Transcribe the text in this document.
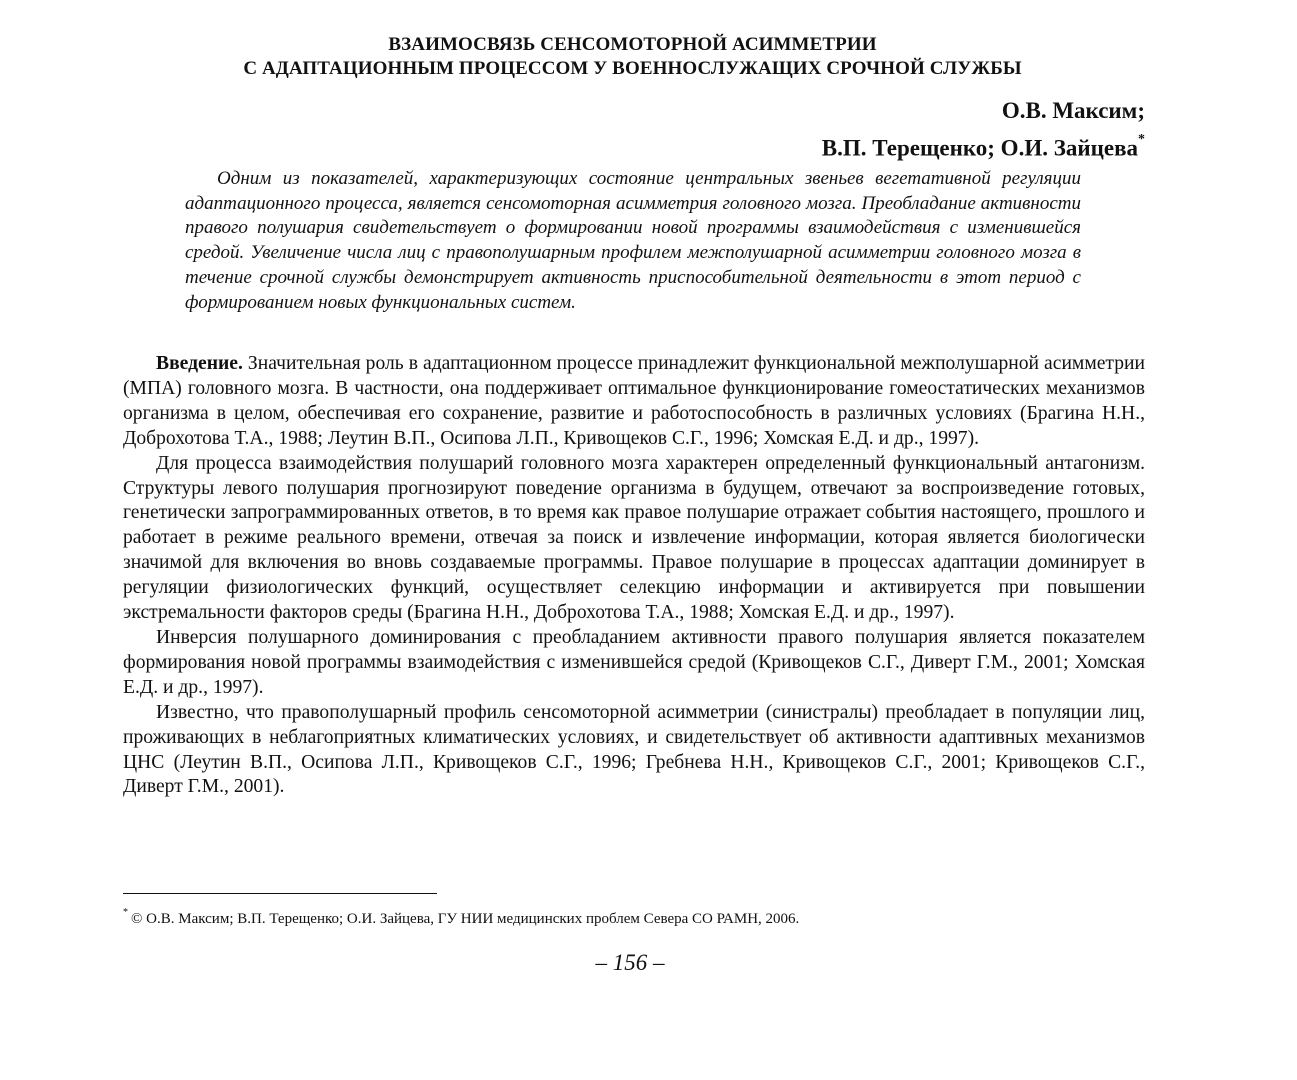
ВЗАИМОСВЯЗЬ СЕНСОМОТОРНОЙ АСИММЕТРИИ
С АДАПТАЦИОННЫМ ПРОЦЕССОМ У ВОЕННОСЛУЖАЩИХ СРОЧНОЙ СЛУЖБЫ
О.В. Максим;
В.П. Терещенко; О.И. Зайцева*
Одним из показателей, характеризующих состояние центральных звеньев вегетативной регуляции адаптационного процесса, является сенсомоторная асимметрия головного мозга. Преобладание активности правого полушария свидетельствует о формировании новой программы взаимодействия с изменившейся средой. Увеличение числа лиц с правополушарным профилем межполушарной асимметрии головного мозга в течение срочной службы демонстрирует активность приспособительной деятельности в этот период с формированием новых функциональных систем.

Введение. Значительная роль в адаптационном процессе принадлежит функциональной межполушарной асимметрии (МПА) головного мозга. В частности, она поддерживает оптимальное функционирование гомеостатических механизмов организма в целом, обеспечивая его сохранение, развитие и работоспособность в различных условиях (Брагина Н.Н., Доброхотова Т.А., 1988; Леутин В.П., Осипова Л.П., Кривощеков С.Г., 1996; Хомская Е.Д. и др., 1997).

Для процесса взаимодействия полушарий головного мозга характерен определенный функциональный антагонизм. Структуры левого полушария прогнозируют поведение организма в будущем, отвечают за воспроизведение готовых, генетически запрограммированных ответов, в то время как правое полушарие отражает события настоящего, прошлого и работает в режиме реального времени, отвечая за поиск и извлечение информации, которая является биологически значимой для включения во вновь создаваемые программы. Правое полушарие в процессах адаптации доминирует в регуляции физиологических функций, осуществляет селекцию информации и активируется при повышении экстремальности факторов среды (Брагина Н.Н., Доброхотова Т.А., 1988; Хомская Е.Д. и др., 1997).

Инверсия полушарного доминирования с преобладанием активности правого полушария является показателем формирования новой программы взаимодействия с изменившейся средой (Кривощеков С.Г., Диверт Г.М., 2001; Хомская Е.Д. и др., 1997).

Известно, что правополушарный профиль сенсомоторной асимметрии (синистралы) преобладает в популяции лиц, проживающих в неблагоприятных климатических условиях, и свидетельствует об активности адаптивных механизмов ЦНС (Леутин В.П., Осипова Л.П., Кривощеков С.Г., 1996; Гребнева Н.Н., Кривощеков С.Г., 2001; Кривощеков С.Г., Диверт Г.М., 2001).

* © О.В. Максим; В.П. Терещенко; О.И. Зайцева, ГУ НИИ медицинских проблем Севера СО РАМН, 2006.
– 156 –
